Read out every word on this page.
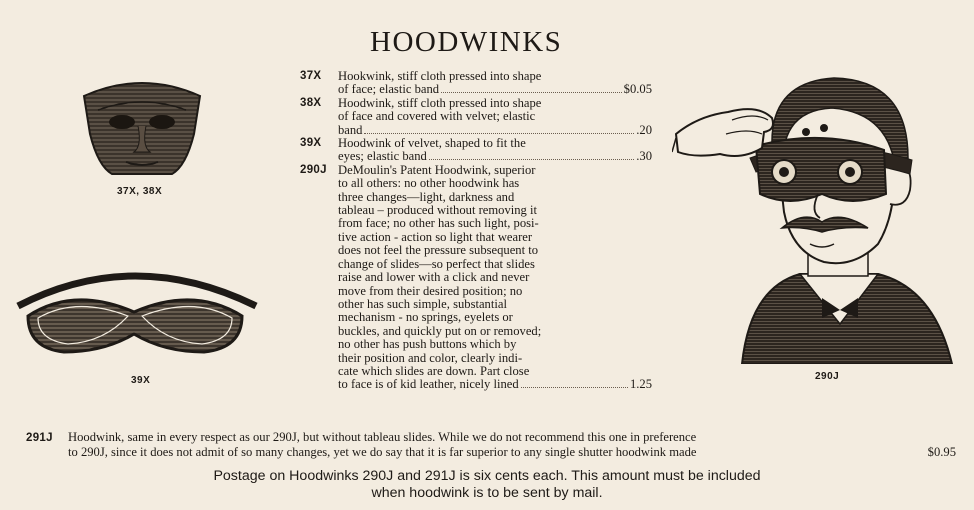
HOODWINKS
37X, 38X
39X	290J
37X	Hookwink, stiff cloth pressed into shape
of face; elastic band	$0.05
38X	Hoodwink, stiff cloth pressed into shape
of face and covered with velvet; elastic
band	.20
39X	Hoodwink of velvet, shaped to fit the
eyes; elastic band	.30
290J DeMoulin's Patent Hoodwink, superior
to all others: no other hoodwink has
three changes—light, darkness and
tableau – produced without removing it
from face; no other has such light, posi-
tive action - action so light that wearer
does not feel the pressure subsequent to
change of slides—so perfect that slides
raise and lower with a click and never
move from their desired position; no
other has such simple, substantial
mechanism - no springs, eyelets or
buckles, and quickly put on or removed;
no other has push buttons which by
their position and color, clearly indi-
cate which slides are down. Part close
to face is of kid leather, nicely lined	1.25
291J Hoodwink, same in every respect as our 290J, but without tableau slides. While we do not recommend this one in preference
to 290J, since it does not admit of so many changes, yet we do say that it is far superior to any single shutter hoodwink made	$0.95
Postage on Hoodwinks 290J and 291J is six cents each. This amount must be included
when hoodwink is to be sent by mail.
